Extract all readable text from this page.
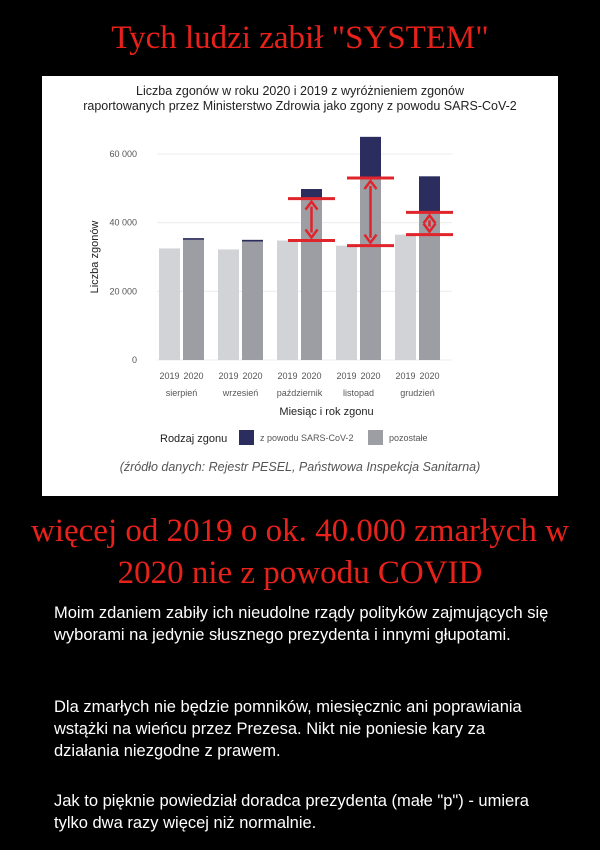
Tych ludzi zabił "SYSTEM"
Liczba zgonów w roku 2020 i 2019 z wyróżnieniem zgonów
raportowanych przez Ministerstwo Zdrowia jako zgony z powodu SARS-CoV-2
0
20 000
40 000
60 000
Liczba zgonów
2019 2020
sierpień
2019 2020
wrzesień
2019 2020
październik
2019 2020
listopad
2019 2020
grudzień
Miesiąc i rok zgonu
Rodzaj zgonu	z powodu SARS-CoV-2	pozostałe
(źródło danych: Rejestr PESEL, Państwowa Inspekcja Sanitarna)
DEMOTYWATORY.PL
więcej od 2019 o ok. 40.000 zmarłych w 2020 nie z powodu COVID
Moim zdaniem zabiły ich nieudolne rządy polityków zajmujących się wyborami na jedynie słusznego prezydenta i innymi głupotami.
Dla zmarłych nie będzie pomników, miesięcznic ani poprawiania wstążki na wieńcu przez Prezesa. Nikt nie poniesie kary za działania niezgodne z prawem.
Jak to pięknie powiedział doradca prezydenta (małe "p") - umiera tylko dwa razy więcej niż normalnie.
